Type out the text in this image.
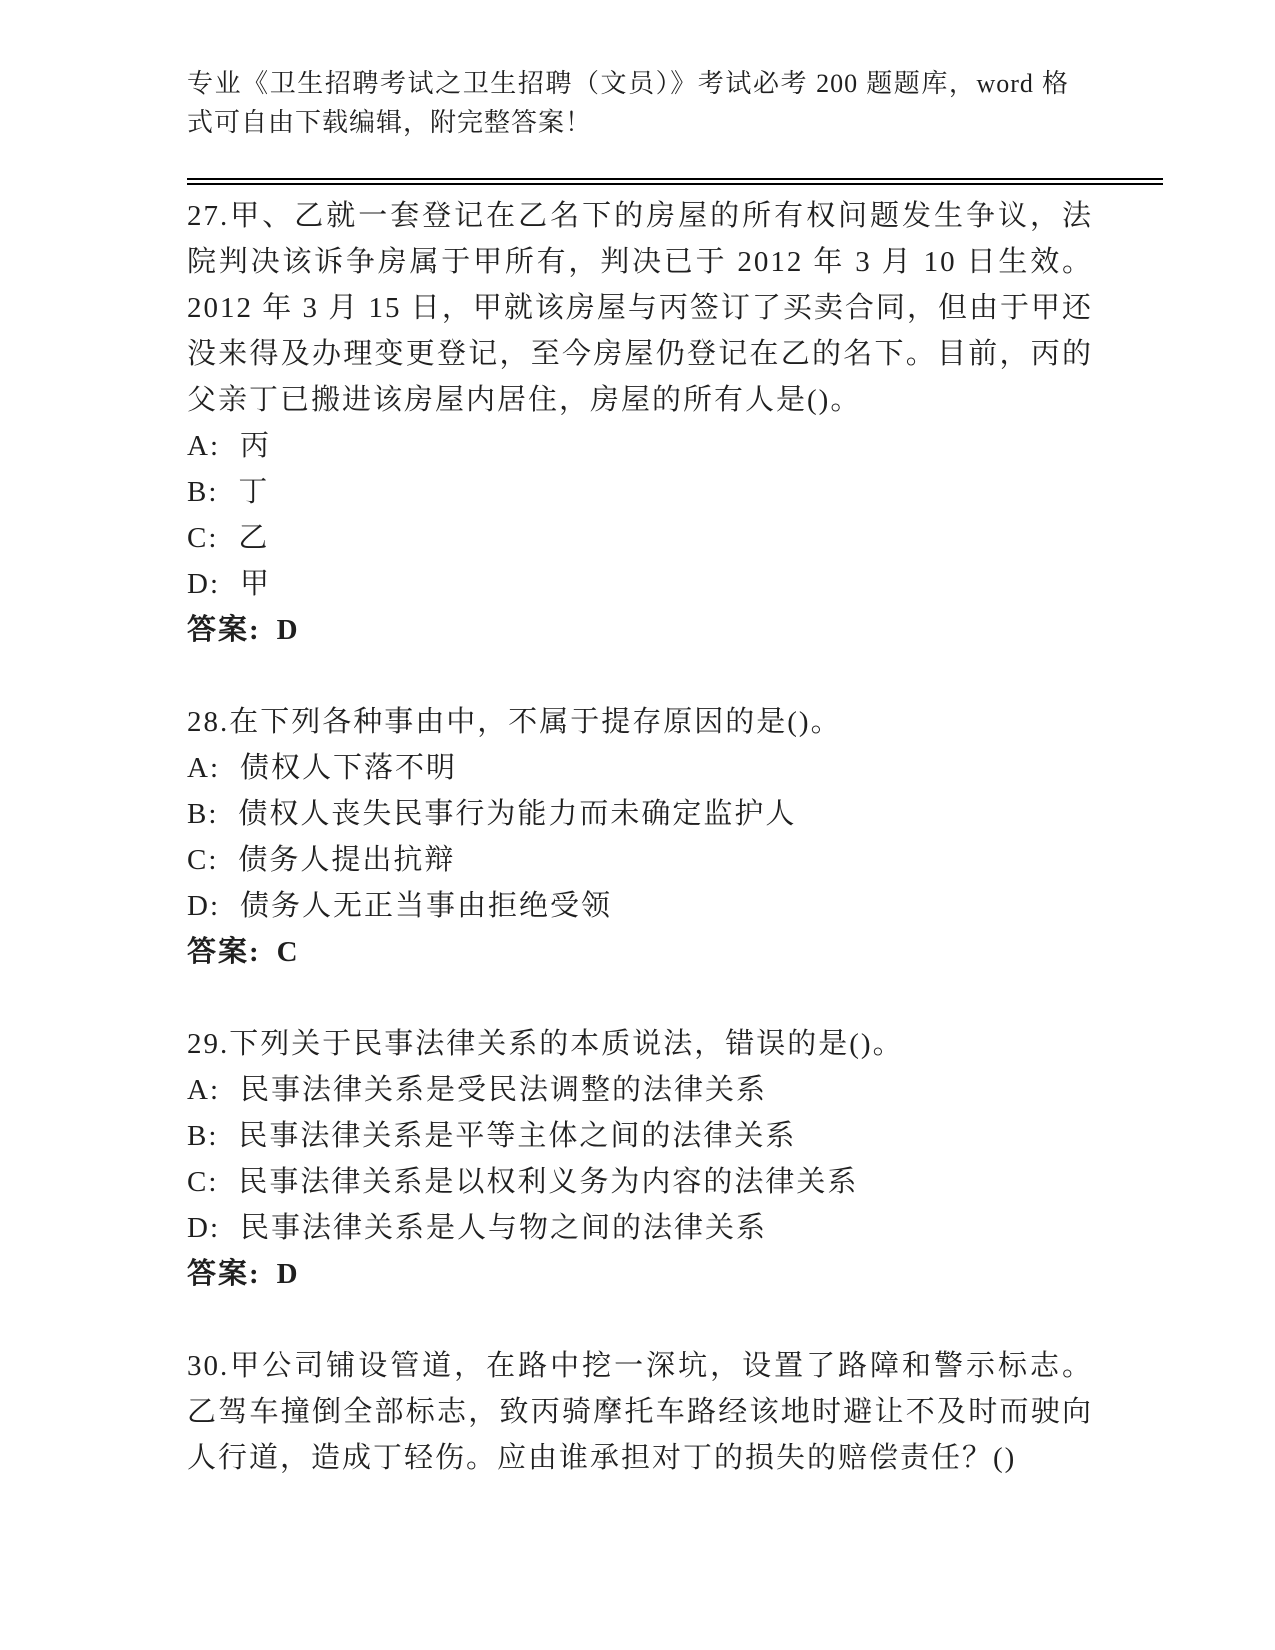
专业《卫生招聘考试之卫生招聘（文员）》考试必考 200 题题库，word 格式可自由下载编辑，附完整答案！

27.甲、乙就一套登记在乙名下的房屋的所有权问题发生争议，法院判决该诉争房属于甲所有，判决已于 2012 年 3 月 10 日生效。2012 年 3 月 15 日，甲就该房屋与丙签订了买卖合同，但由于甲还没来得及办理变更登记，至今房屋仍登记在乙的名下。目前，丙的父亲丁已搬进该房屋内居住，房屋的所有人是()。

A: 丙

B: 丁

C: 乙

D: 甲

答案: D

28.在下列各种事由中，不属于提存原因的是()。

A: 债权人下落不明

B: 债权人丧失民事行为能力而未确定监护人

C: 债务人提出抗辩

D: 债务人无正当事由拒绝受领

答案: C

29.下列关于民事法律关系的本质说法，错误的是()。

A: 民事法律关系是受民法调整的法律关系

B: 民事法律关系是平等主体之间的法律关系

C: 民事法律关系是以权利义务为内容的法律关系

D: 民事法律关系是人与物之间的法律关系

答案: D

30.甲公司铺设管道，在路中挖一深坑，设置了路障和警示标志。乙驾车撞倒全部标志，致丙骑摩托车路经该地时避让不及时而驶向人行道，造成丁轻伤。应由谁承担对丁的损失的赔偿责任？()
